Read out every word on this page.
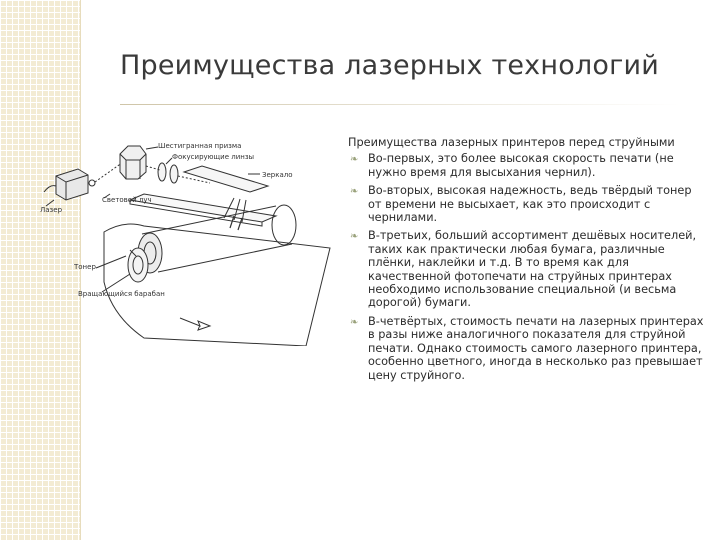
Преимущества лазерных технологий
Шестигранная призма
Фокусирующие линзы
Зеркало
Световой луч
Лазер
Тонер
Вращающийся барабан

Преимущества лазерных принтеров перед струйными

❧ Во-первых, это более высокая скорость печати (не нужно время для высыхания чернил).
❧ Во-вторых, высокая надежность, ведь твёрдый тонер от времени не высыхает, как это происходит с чернилами.
❧ В-третьих, больший ассортимент дешёвых носителей, таких как практически любая бумага, различные плёнки, наклейки и т.д. В то время как для качественной фотопечати на струйных принтерах необходимо использование специальной (и весьма дорогой) бумаги.
❧ В-четвёртых, стоимость печати на лазерных принтерах в разы ниже аналогичного показателя для струйной печати. Однако стоимость самого лазерного принтера, особенно цветного, иногда в несколько раз превышает цену струйного.
